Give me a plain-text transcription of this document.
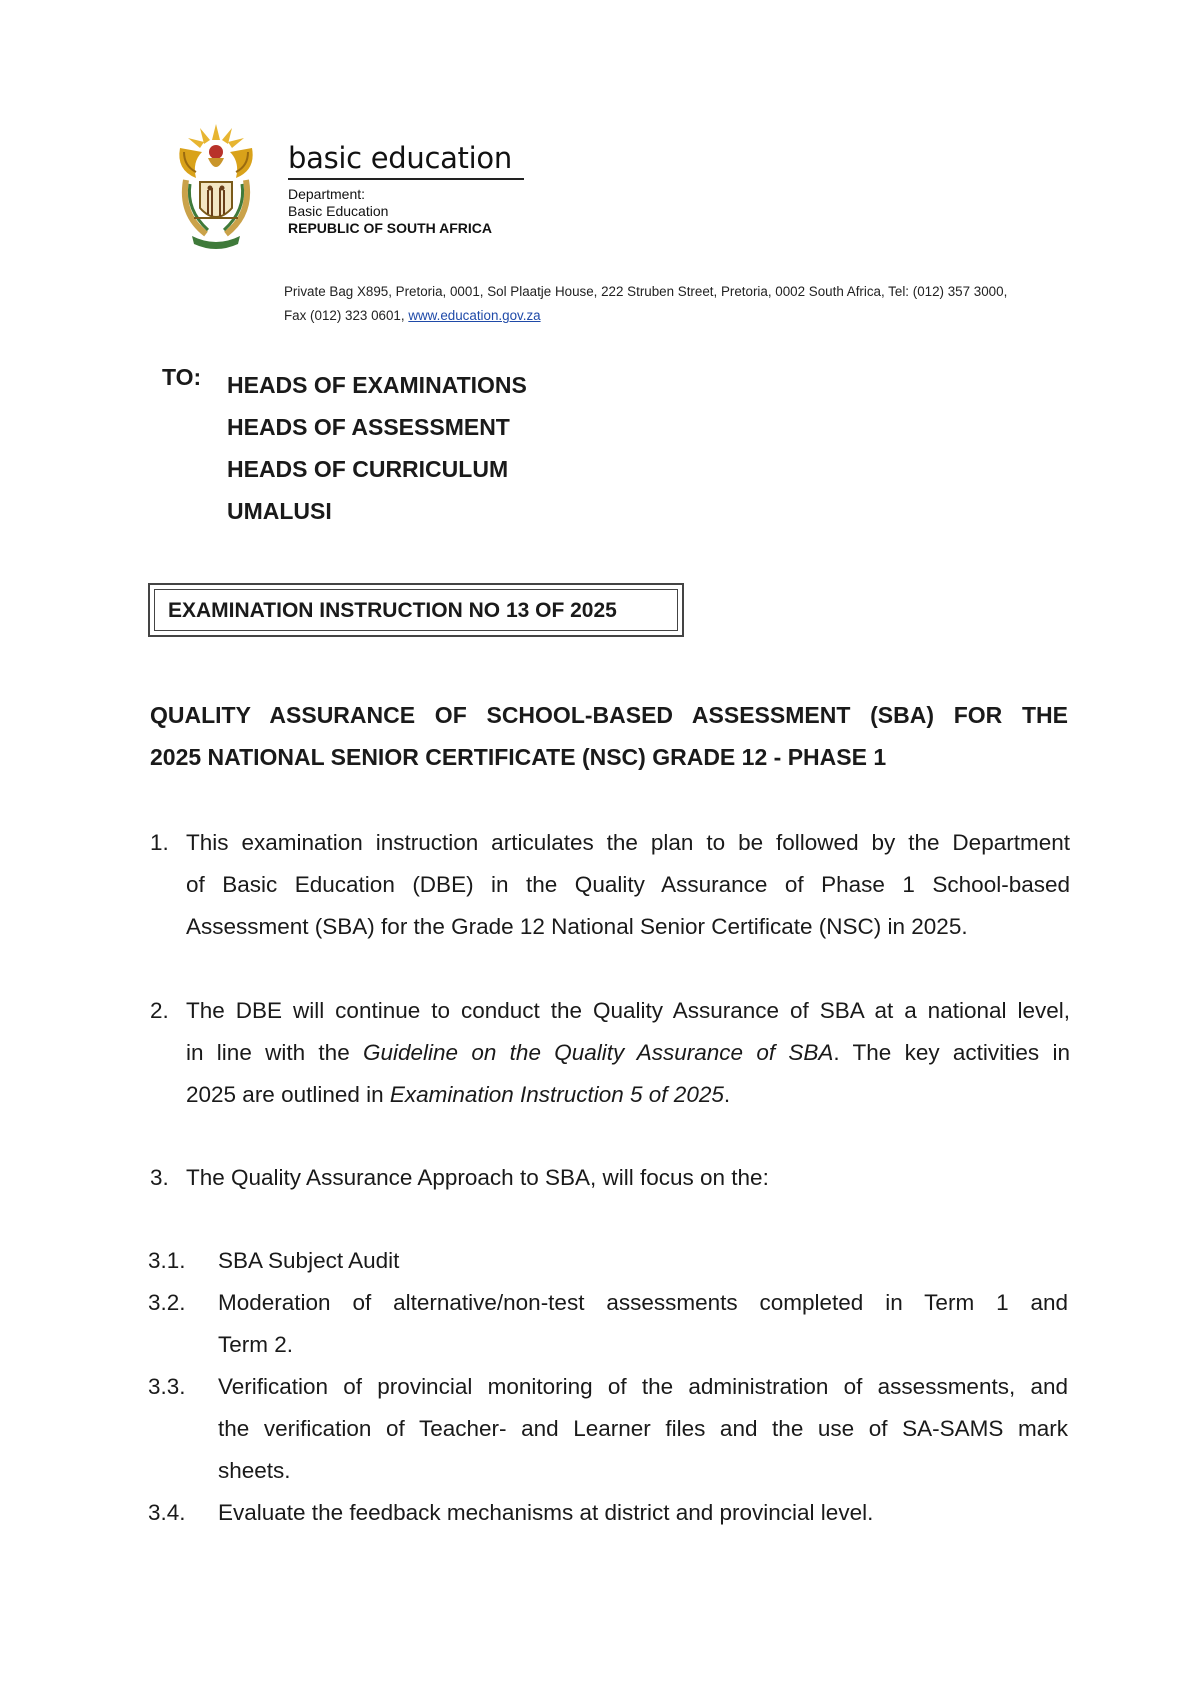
basic education
Department:
Basic Education
REPUBLIC OF SOUTH AFRICA
Private Bag X895, Pretoria, 0001, Sol Plaatje House, 222 Struben Street, Pretoria, 0002 South Africa, Tel: (012) 357 3000,
Fax (012) 323 0601, www.education.gov.za
TO: HEADS OF EXAMINATIONS
HEADS OF ASSESSMENT
HEADS OF CURRICULUM
UMALUSI
EXAMINATION INSTRUCTION NO 13 OF 2025
QUALITY ASSURANCE OF SCHOOL-BASED ASSESSMENT (SBA) FOR THE
2025 NATIONAL SENIOR CERTIFICATE (NSC) GRADE 12 - PHASE 1
1. This examination instruction articulates the plan to be followed by the Department
of Basic Education (DBE) in the Quality Assurance of Phase 1 School-based
Assessment (SBA) for the Grade 12 National Senior Certificate (NSC) in 2025.
2. The DBE will continue to conduct the Quality Assurance of SBA at a national level,
in line with the Guideline on the Quality Assurance of SBA. The key activities in
2025 are outlined in Examination Instruction 5 of 2025.
3. The Quality Assurance Approach to SBA, will focus on the:
3.1. SBA Subject Audit
3.2. Moderation of alternative/non-test assessments completed in Term 1 and
Term 2.
3.3. Verification of provincial monitoring of the administration of assessments, and
the verification of Teacher- and Learner files and the use of SA-SAMS mark
sheets.
3.4. Evaluate the feedback mechanisms at district and provincial level.
